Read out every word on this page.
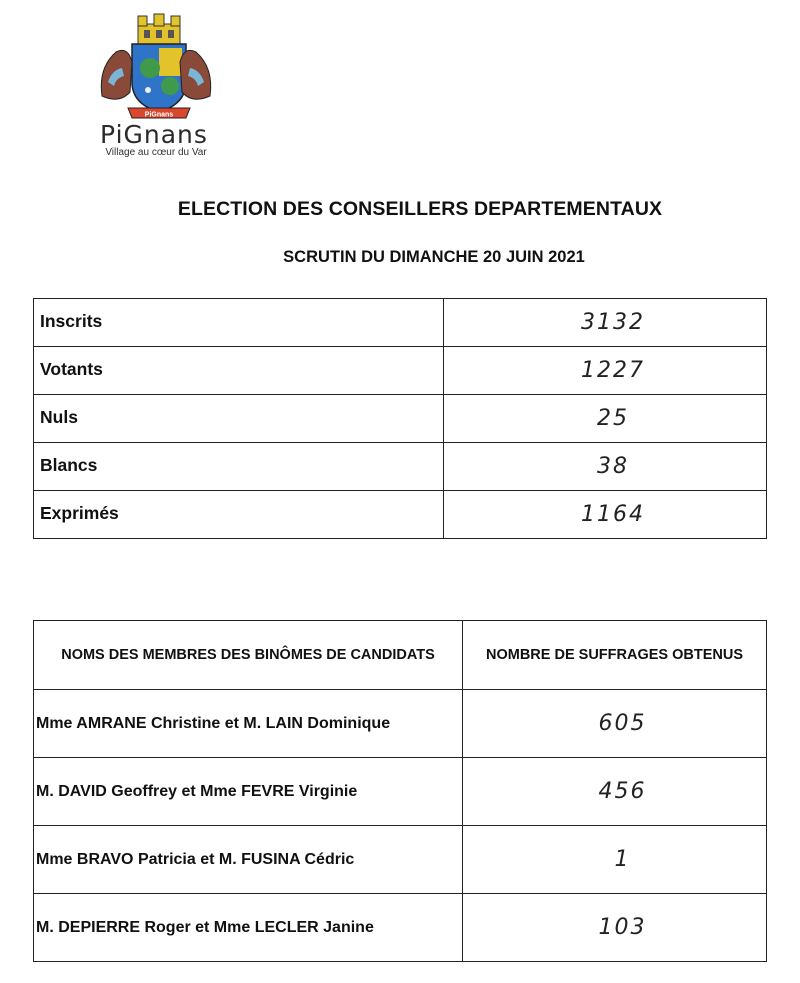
PiGnans
PiGnans
Village au cœur du Var
ELECTION DES CONSEILLERS DEPARTEMENTAUX
SCRUTIN DU DIMANCHE 20 JUIN 2021
Inscrits	3132
Votants	1227
Nuls	25
Blancs	38
Exprimés	1164
NOMS DES MEMBRES DES BINÔMES DE CANDIDATS	NOMBRE DE SUFFRAGES OBTENUS
Mme AMRANE Christine et M. LAIN Dominique	605
M. DAVID Geoffrey et Mme FEVRE Virginie	456
Mme BRAVO Patricia et M. FUSINA Cédric	1
M. DEPIERRE Roger et Mme LECLER Janine	103
